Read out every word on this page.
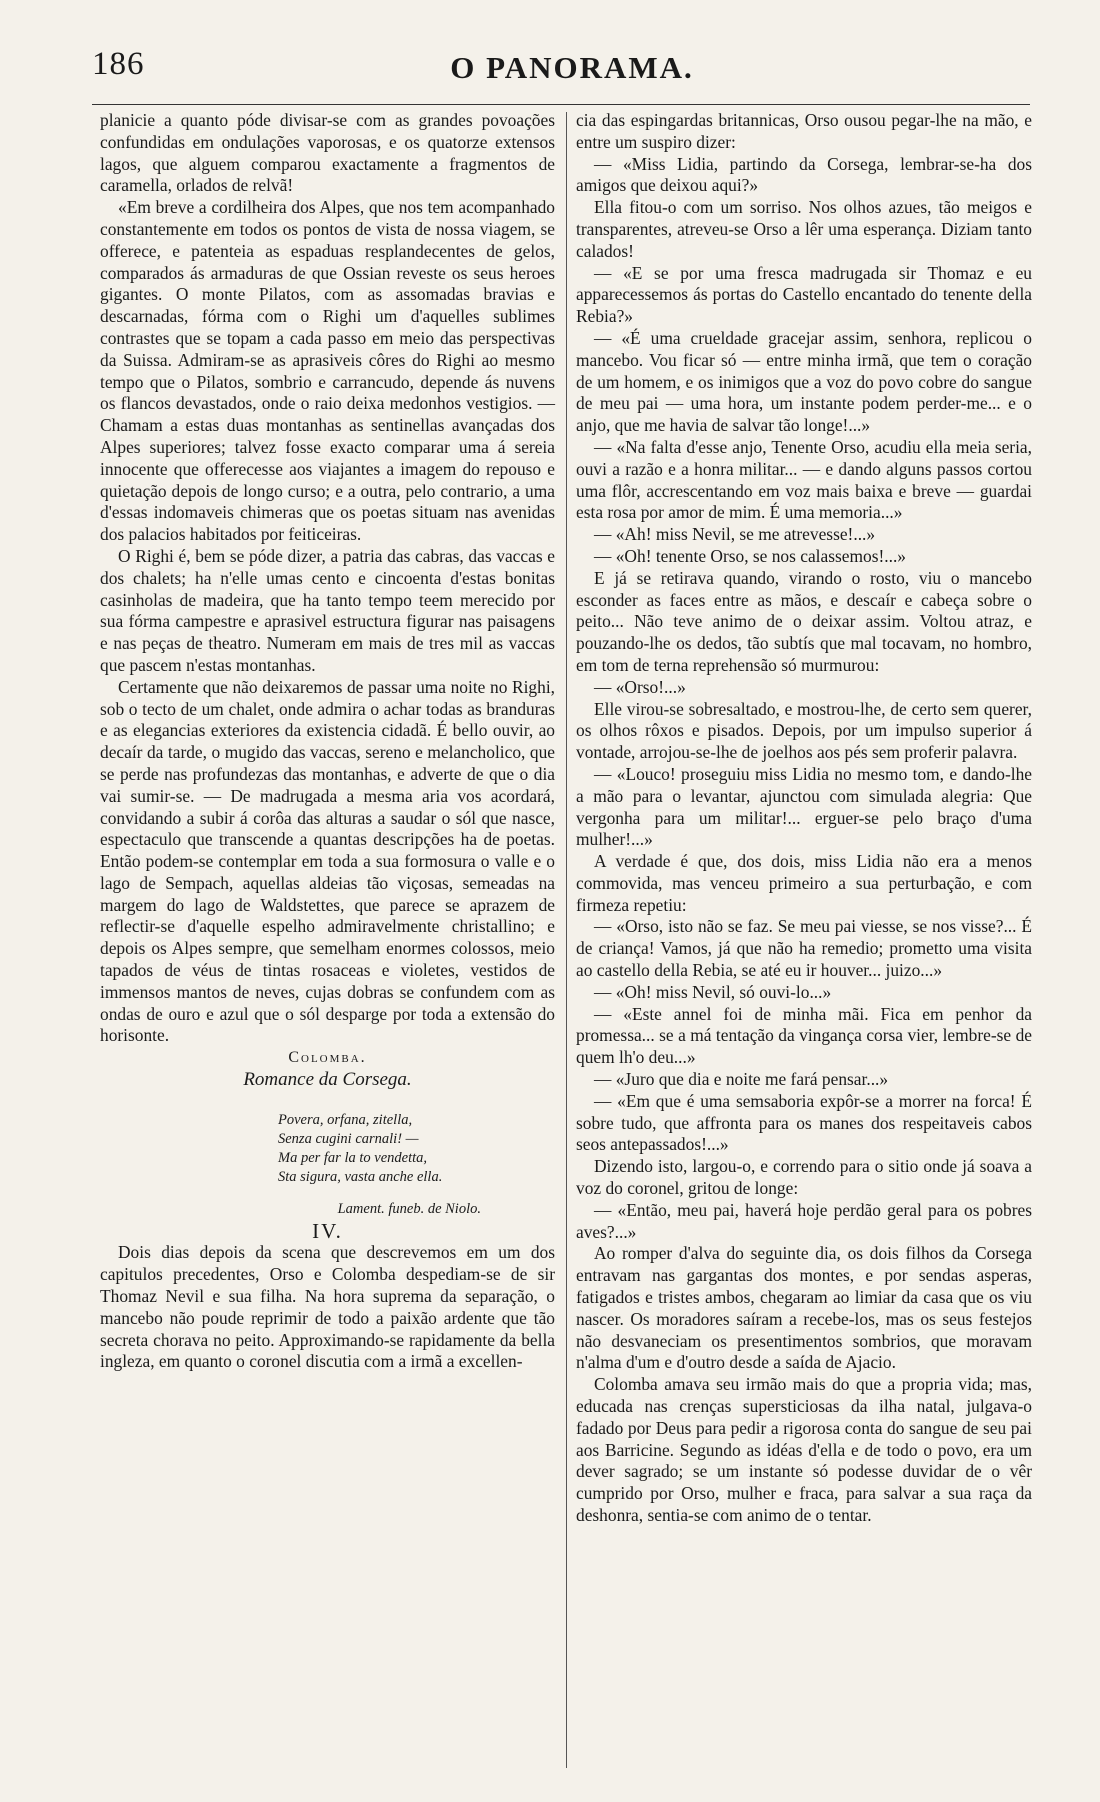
186	O PANORAMA.

planicie a quanto póde divisar-se com as grandes povoações confundidas em ondulações vaporosas, e os quatorze extensos lagos, que alguem comparou exactamente a fragmentos de caramella, orlados de relvã!

«Em breve a cordilheira dos Alpes, que nos tem acompanhado constantemente em todos os pontos de vista de nossa viagem, se offerece, e patenteia as espaduas resplandecentes de gelos, comparados ás armaduras de que Ossian reveste os seus heroes gigantes. O monte Pilatos, com as assomadas bravias e descarnadas, fórma com o Righi um d'aquelles sublimes contrastes que se topam a cada passo em meio das perspectivas da Suissa. Admiram-se as aprasiveis côres do Righi ao mesmo tempo que o Pilatos, sombrio e carrancudo, depende ás nuvens os flancos devastados, onde o raio deixa medonhos vestigios. — Chamam a estas duas montanhas as sentinellas avançadas dos Alpes superiores; talvez fosse exacto comparar uma á sereia innocente que offerecesse aos viajantes a imagem do repouso e quietação depois de longo curso; e a outra, pelo contrario, a uma d'essas indomaveis chimeras que os poetas situam nas avenidas dos palacios habitados por feiticeiras.

O Righi é, bem se póde dizer, a patria das cabras, das vaccas e dos chalets; ha n'elle umas cento e cincoenta d'estas bonitas casinholas de madeira, que ha tanto tempo teem merecido por sua fórma campestre e aprasivel estructura figurar nas paisagens e nas peças de theatro. Numeram em mais de tres mil as vaccas que pascem n'estas montanhas.

Certamente que não deixaremos de passar uma noite no Righi, sob o tecto de um chalet, onde admira o achar todas as branduras e as elegancias exteriores da existencia cidadã. É bello ouvir, ao decaír da tarde, o mugido das vaccas, sereno e melancholico, que se perde nas profundezas das montanhas, e adverte de que o dia vai sumir-se. — De madrugada a mesma aria vos acordará, convidando a subir á corôa das alturas a saudar o sól que nasce, espectaculo que transcende a quantas descripções ha de poetas. Então podem-se contemplar em toda a sua formosura o valle e o lago de Sempach, aquellas aldeias tão viçosas, semeadas na margem do lago de Waldstettes, que parece se aprazem de reflectir-se d'aquelle espelho admiravelmente christallino; e depois os Alpes sempre, que semelham enormes colossos, meio tapados de véus de tintas rosaceas e violetes, vestidos de immensos mantos de neves, cujas dobras se confundem com as ondas de ouro e azul que o sól desparge por toda a extensão do horisonte.

Colomba.

Romance da Corsega.

Povera, orfana, zitella,
Senza cugini carnali! —
Ma per far la to vendetta,
Sta sigura, vasta anche ella.
Lament. funeb. de Niolo.

IV.

Dois dias depois da scena que descrevemos em um dos capitulos precedentes, Orso e Colomba despediam-se de sir Thomaz Nevil e sua filha. Na hora suprema da separação, o mancebo não poude reprimir de todo a paixão ardente que tão secreta chorava no peito. Approximando-se rapidamente da bella ingleza, em quanto o coronel discutia com a irmã a excellen-

cia das espingardas britannicas, Orso ousou pegar-lhe na mão, e entre um suspiro dizer:

— «Miss Lidia, partindo da Corsega, lembrar-se-ha dos amigos que deixou aqui?»

Ella fitou-o com um sorriso. Nos olhos azues, tão meigos e transparentes, atreveu-se Orso a lêr uma esperança. Diziam tanto calados!

— «E se por uma fresca madrugada sir Thomaz e eu apparecessemos ás portas do Castello encantado do tenente della Rebia?»

— «É uma crueldade gracejar assim, senhora, replicou o mancebo. Vou ficar só — entre minha irmã, que tem o coração de um homem, e os inimigos que a voz do povo cobre do sangue de meu pai — uma hora, um instante podem perder-me... e o anjo, que me havia de salvar tão longe!...»

— «Na falta d'esse anjo, Tenente Orso, acudiu ella meia seria, ouvi a razão e a honra militar... — e dando alguns passos cortou uma flôr, accrescentando em voz mais baixa e breve — guardai esta rosa por amor de mim. É uma memoria...»

— «Ah! miss Nevil, se me atrevesse!...»

— «Oh! tenente Orso, se nos calassemos!...»

E já se retirava quando, virando o rosto, viu o mancebo esconder as faces entre as mãos, e descaír e cabeça sobre o peito... Não teve animo de o deixar assim. Voltou atraz, e pouzando-lhe os dedos, tão subtís que mal tocavam, no hombro, em tom de terna reprehensão só murmurou:

— «Orso!...»

Elle virou-se sobresaltado, e mostrou-lhe, de certo sem querer, os olhos rôxos e pisados. Depois, por um impulso superior á vontade, arrojou-se-lhe de joelhos aos pés sem proferir palavra.

— «Louco! proseguiu miss Lidia no mesmo tom, e dando-lhe a mão para o levantar, ajunctou com simulada alegria: Que vergonha para um militar!... erguer-se pelo braço d'uma mulher!...»

A verdade é que, dos dois, miss Lidia não era a menos commovida, mas venceu primeiro a sua perturbação, e com firmeza repetiu:

— «Orso, isto não se faz. Se meu pai viesse, se nos visse?... É de criança! Vamos, já que não ha remedio; prometto uma visita ao castello della Rebia, se até eu ir houver... juizo...»

— «Oh! miss Nevil, só ouvi-lo...»

— «Este annel foi de minha mãi. Fica em penhor da promessa... se a má tentação da vingança corsa vier, lembre-se de quem lh'o deu...»

— «Juro que dia e noite me fará pensar...»

— «Em que é uma semsaboria expôr-se a morrer na forca! É sobre tudo, que affronta para os manes dos respeitaveis cabos seos antepassados!...»

Dizendo isto, largou-o, e correndo para o sitio onde já soava a voz do coronel, gritou de longe:

— «Então, meu pai, haverá hoje perdão geral para os pobres aves?...»

Ao romper d'alva do seguinte dia, os dois filhos da Corsega entravam nas gargantas dos montes, e por sendas asperas, fatigados e tristes ambos, chegaram ao limiar da casa que os viu nascer. Os moradores saíram a recebe-los, mas os seus festejos não desvaneciam os presentimentos sombrios, que moravam n'alma d'um e d'outro desde a saída de Ajacio.

Colomba amava seu irmão mais do que a propria vida; mas, educada nas crenças supersticiosas da ilha natal, julgava-o fadado por Deus para pedir a rigorosa conta do sangue de seu pai aos Barricine. Segundo as idéas d'ella e de todo o povo, era um dever sagrado; se um instante só podesse duvidar de o vêr cumprido por Orso, mulher e fraca, para salvar a sua raça da deshonra, sentia-se com animo de o tentar.
